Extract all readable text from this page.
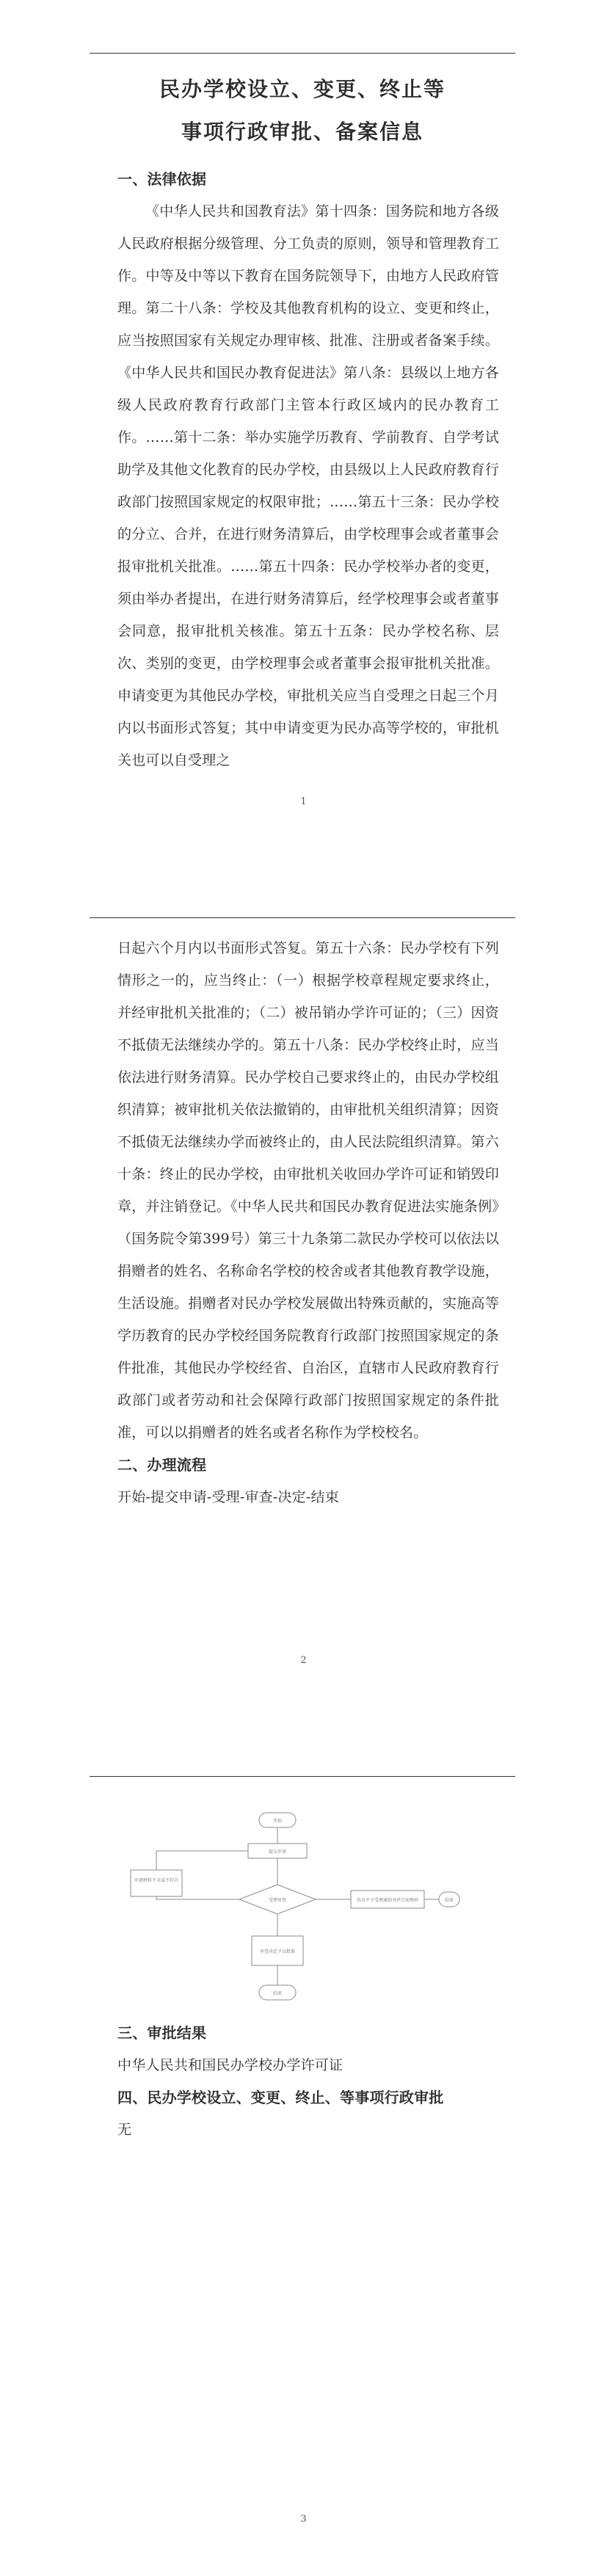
民办学校设立、变更、终止等
事项行政审批、备案信息

一、法律依据

《中华人民共和国教育法》第十四条：国务院和地方各级人民政府根据分级管理、分工负责的原则，领导和管理教育工作。中等及中等以下教育在国务院领导下，由地方人民政府管理。第二十八条：学校及其他教育机构的设立、变更和终止，应当按照国家有关规定办理审核、批准、注册或者备案手续。《中华人民共和国民办教育促进法》第八条：县级以上地方各级人民政府教育行政部门主管本行政区域内的民办教育工作。……第十二条：举办实施学历教育、学前教育、自学考试助学及其他文化教育的民办学校，由县级以上人民政府教育行政部门按照国家规定的权限审批；……第五十三条：民办学校的分立、合并，在进行财务清算后，由学校理事会或者董事会报审批机关批准。……第五十四条：民办学校举办者的变更，须由举办者提出，在进行财务清算后，经学校理事会或者董事会同意，报审批机关核准。第五十五条：民办学校名称、层次、类别的变更，由学校理事会或者董事会报审批机关批准。申请变更为其他民办学校，审批机关应当自受理之日起三个月内以书面形式答复；其中申请变更为民办高等学校的，审批机关也可以自受理之

1

日起六个月内以书面形式答复。第五十六条：民办学校有下列情形之一的，应当终止：（一）根据学校章程规定要求终止，并经审批机关批准的；（二）被吊销办学许可证的；（三）因资不抵债无法继续办学的。第五十八条：民办学校终止时，应当依法进行财务清算。民办学校自己要求终止的，由民办学校组织清算；被审批机关依法撤销的，由审批机关组织清算；因资不抵债无法继续办学而被终止的，由人民法院组织清算。第六十条：终止的民办学校，由审批机关收回办学许可证和销毁印章，并注销登记。《中华人民共和国民办教育促进法实施条例》（国务院令第399号）第三十九条第二款民办学校可以依法以捐赠者的姓名、名称命名学校的校舍或者其他教育教学设施，生活设施。捐赠者对民办学校发展做出特殊贡献的，实施高等学历教育的民办学校经国务院教育行政部门按照国家规定的条件批准，其他民办学校经省、自治区，直辖市人民政府教育行政部门或者劳动和社会保障行政部门按照国家规定的条件批准，可以以捐赠者的姓名或者名称作为学校校名。

二、办理流程

开始-提交申请-受理-审查-决定-结束

2
开始
提交申请
申请材料不全或不符合
受理审查	出具不予受理通知书并告知理由	结束
审查决定予以批准
结束

三、审批结果

中华人民共和国民办学校办学许可证

四、民办学校设立、变更、终止、等事项行政审批

无

3
